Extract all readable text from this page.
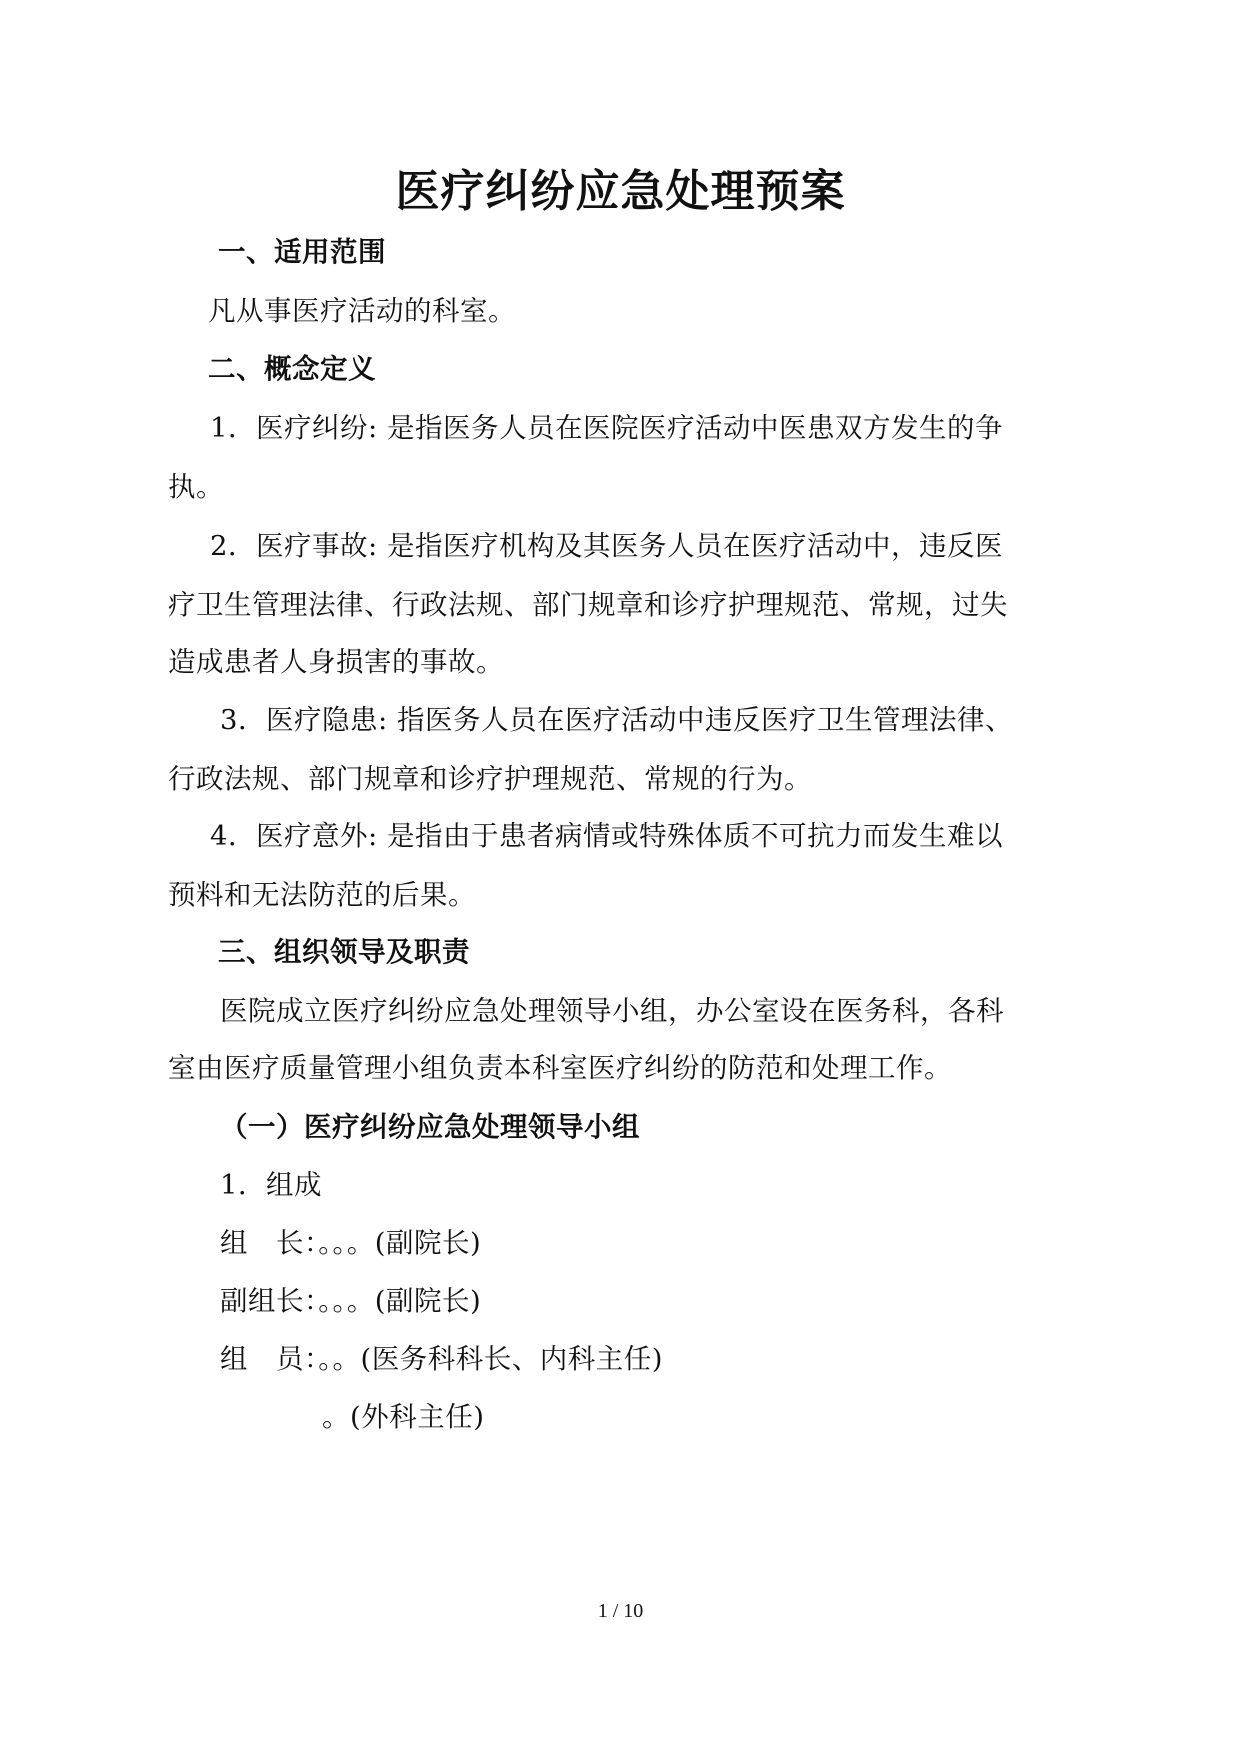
医疗纠纷应急处理预案
一、适用范围
凡从事医疗活动的科室。
二、概念定义
1．医疗纠纷: 是指医务人员在医院医疗活动中医患双方发生的争
执。
2．医疗事故: 是指医疗机构及其医务人员在医疗活动中，违反医
疗卫生管理法律、行政法规、部门规章和诊疗护理规范、常规，过失
造成患者人身损害的事故。
3．医疗隐患: 指医务人员在医疗活动中违反医疗卫生管理法律、
行政法规、部门规章和诊疗护理规范、常规的行为。
4．医疗意外: 是指由于患者病情或特殊体质不可抗力而发生难以
预料和无法防范的后果。
三、组织领导及职责
医院成立医疗纠纷应急处理领导小组，办公室设在医务科，各科
室由医疗质量管理小组负责本科室医疗纠纷的防范和处理工作。
（一）医疗纠纷应急处理领导小组
1．组成
组　长：。。。(副院长)
副组长：。。。(副院长)
组　员：。。(医务科科长、内科主任)
。(外科主任)
1 / 10
